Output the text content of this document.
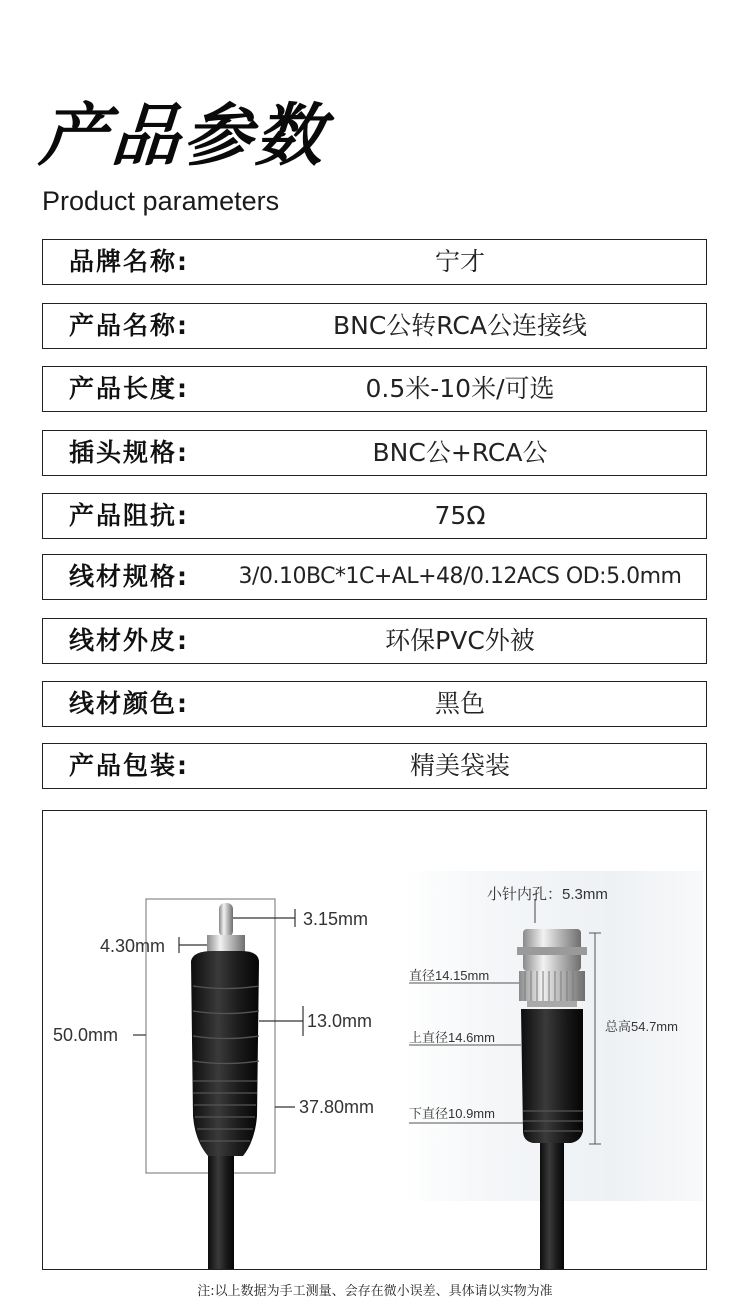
产品参数
Product parameters
品牌名称:	宁才
产品名称:	BNC公转RCA公连接线
产品长度:	0.5米-10米/可选
插头规格:	BNC公+RCA公
产品阻抗:	75Ω
线材规格:	3/0.10BC*1C+AL+48/0.12ACS OD:5.0mm
线材外皮:	环保PVC外被
线材颜色:	黑色
产品包装:	精美袋装
3.15mm
4.30mm
50.0mm
13.0mm
37.80mm
小针内孔：5.3mm
直径14.15mm
上直径14.6mm
下直径10.9mm
总高54.7mm
注:以上数据为手工测量、会存在微小误差、具体请以实物为准
